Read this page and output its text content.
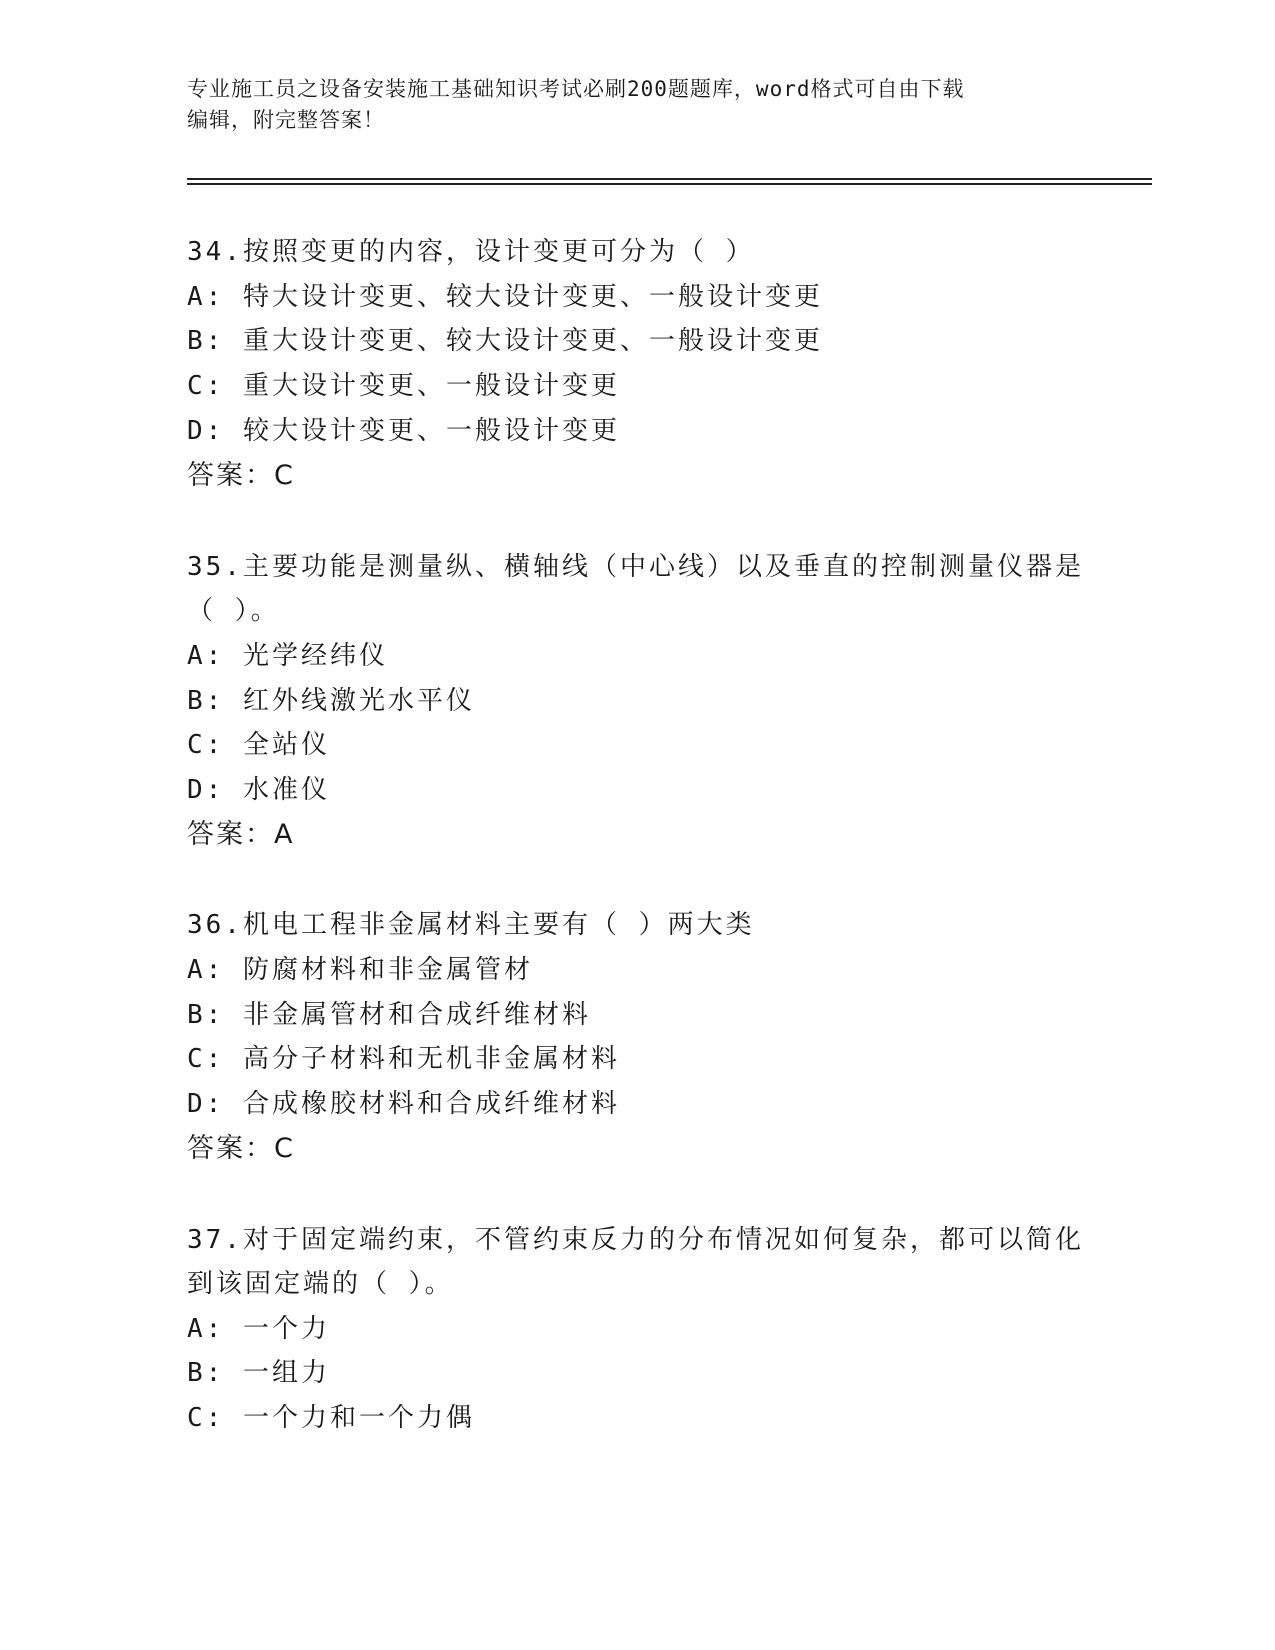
专业施工员之设备安装施工基础知识考试必刷200题题库，word格式可自由下载
编辑，附完整答案！
34.按照变更的内容，设计变更可分为（ ）
A: 特大设计变更、较大设计变更、一般设计变更
B: 重大设计变更、较大设计变更、一般设计变更
C: 重大设计变更、一般设计变更
D: 较大设计变更、一般设计变更
答案：C
35.主要功能是测量纵、横轴线（中心线）以及垂直的控制测量仪器是
（ ）。
A: 光学经纬仪
B: 红外线激光水平仪
C: 全站仪
D: 水准仪
答案：A
36.机电工程非金属材料主要有（ ）两大类
A: 防腐材料和非金属管材
B: 非金属管材和合成纤维材料
C: 高分子材料和无机非金属材料
D: 合成橡胶材料和合成纤维材料
答案：C
37.对于固定端约束，不管约束反力的分布情况如何复杂，都可以简化
到该固定端的（ ）。
A: 一个力
B: 一组力
C: 一个力和一个力偶
